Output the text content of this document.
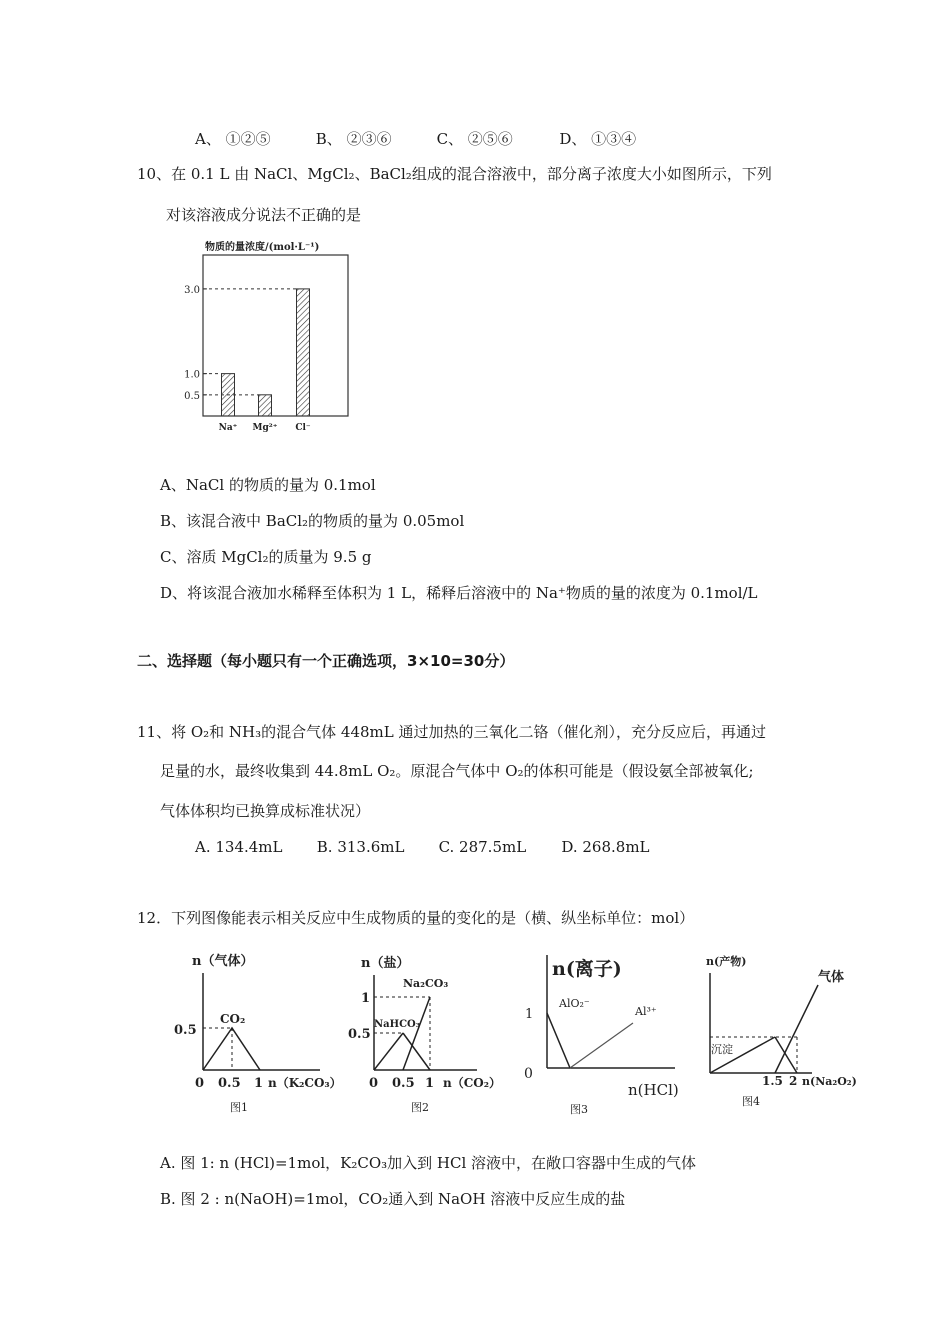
A、 ①②⑤	B、 ②③⑥	C、 ②⑤⑥	D、 ①③④
10、在 0.1 L 由 NaCl、MgCl₂、BaCl₂组成的混合溶液中，部分离子浓度大小如图所示，下列
对该溶液成分说法不正确的是
物质的量浓度/(mol·L⁻¹)
Na⁺ Mg²⁺ Cl⁻
0.5
1.0
3.0
A、NaCl 的物质的量为 0.1mol
B、该混合液中 BaCl₂的物质的量为 0.05mol
C、溶质 MgCl₂的质量为 9.5 g
D、将该混合液加水稀释至体积为 1 L，稀释后溶液中的 Na⁺物质的量的浓度为 0.1mol/L
二、选择题（每小题只有一个正确选项，3×10=30分）
11、将 O₂和 NH₃的混合气体 448mL 通过加热的三氧化二铬（催化剂），充分反应后，再通过
足量的水，最终收集到 44.8mL O₂。原混合气体中 O₂的体积可能是（假设氨全部被氧化;
气体体积均已换算成标准状况）
A. 134.4mL B. 313.6mL C. 287.5mL D. 268.8mL
12．下列图像能表示相关反应中生成物质的量的变化的是（横、纵坐标单位：mol）
n（气体）
CO₂
0.5
0 0.5 1 n（K₂CO₃）
图1
n（盐）
Na₂CO₃
NaHCO₃
1
0.5
0 0.5 1 n（CO₂）
图2
n(离子)
AlO₂⁻
Al³⁺
1
0
n(HCl)
图3
n(产物)
气体
沉淀
1.5 2 n(Na₂O₂)
图4
A. 图 1: n (HCl)=1mol，K₂CO₃加入到 HCl 溶液中，在敞口容器中生成的气体
B. 图 2 : n(NaOH)=1mol，CO₂通入到 NaOH 溶液中反应生成的盐
